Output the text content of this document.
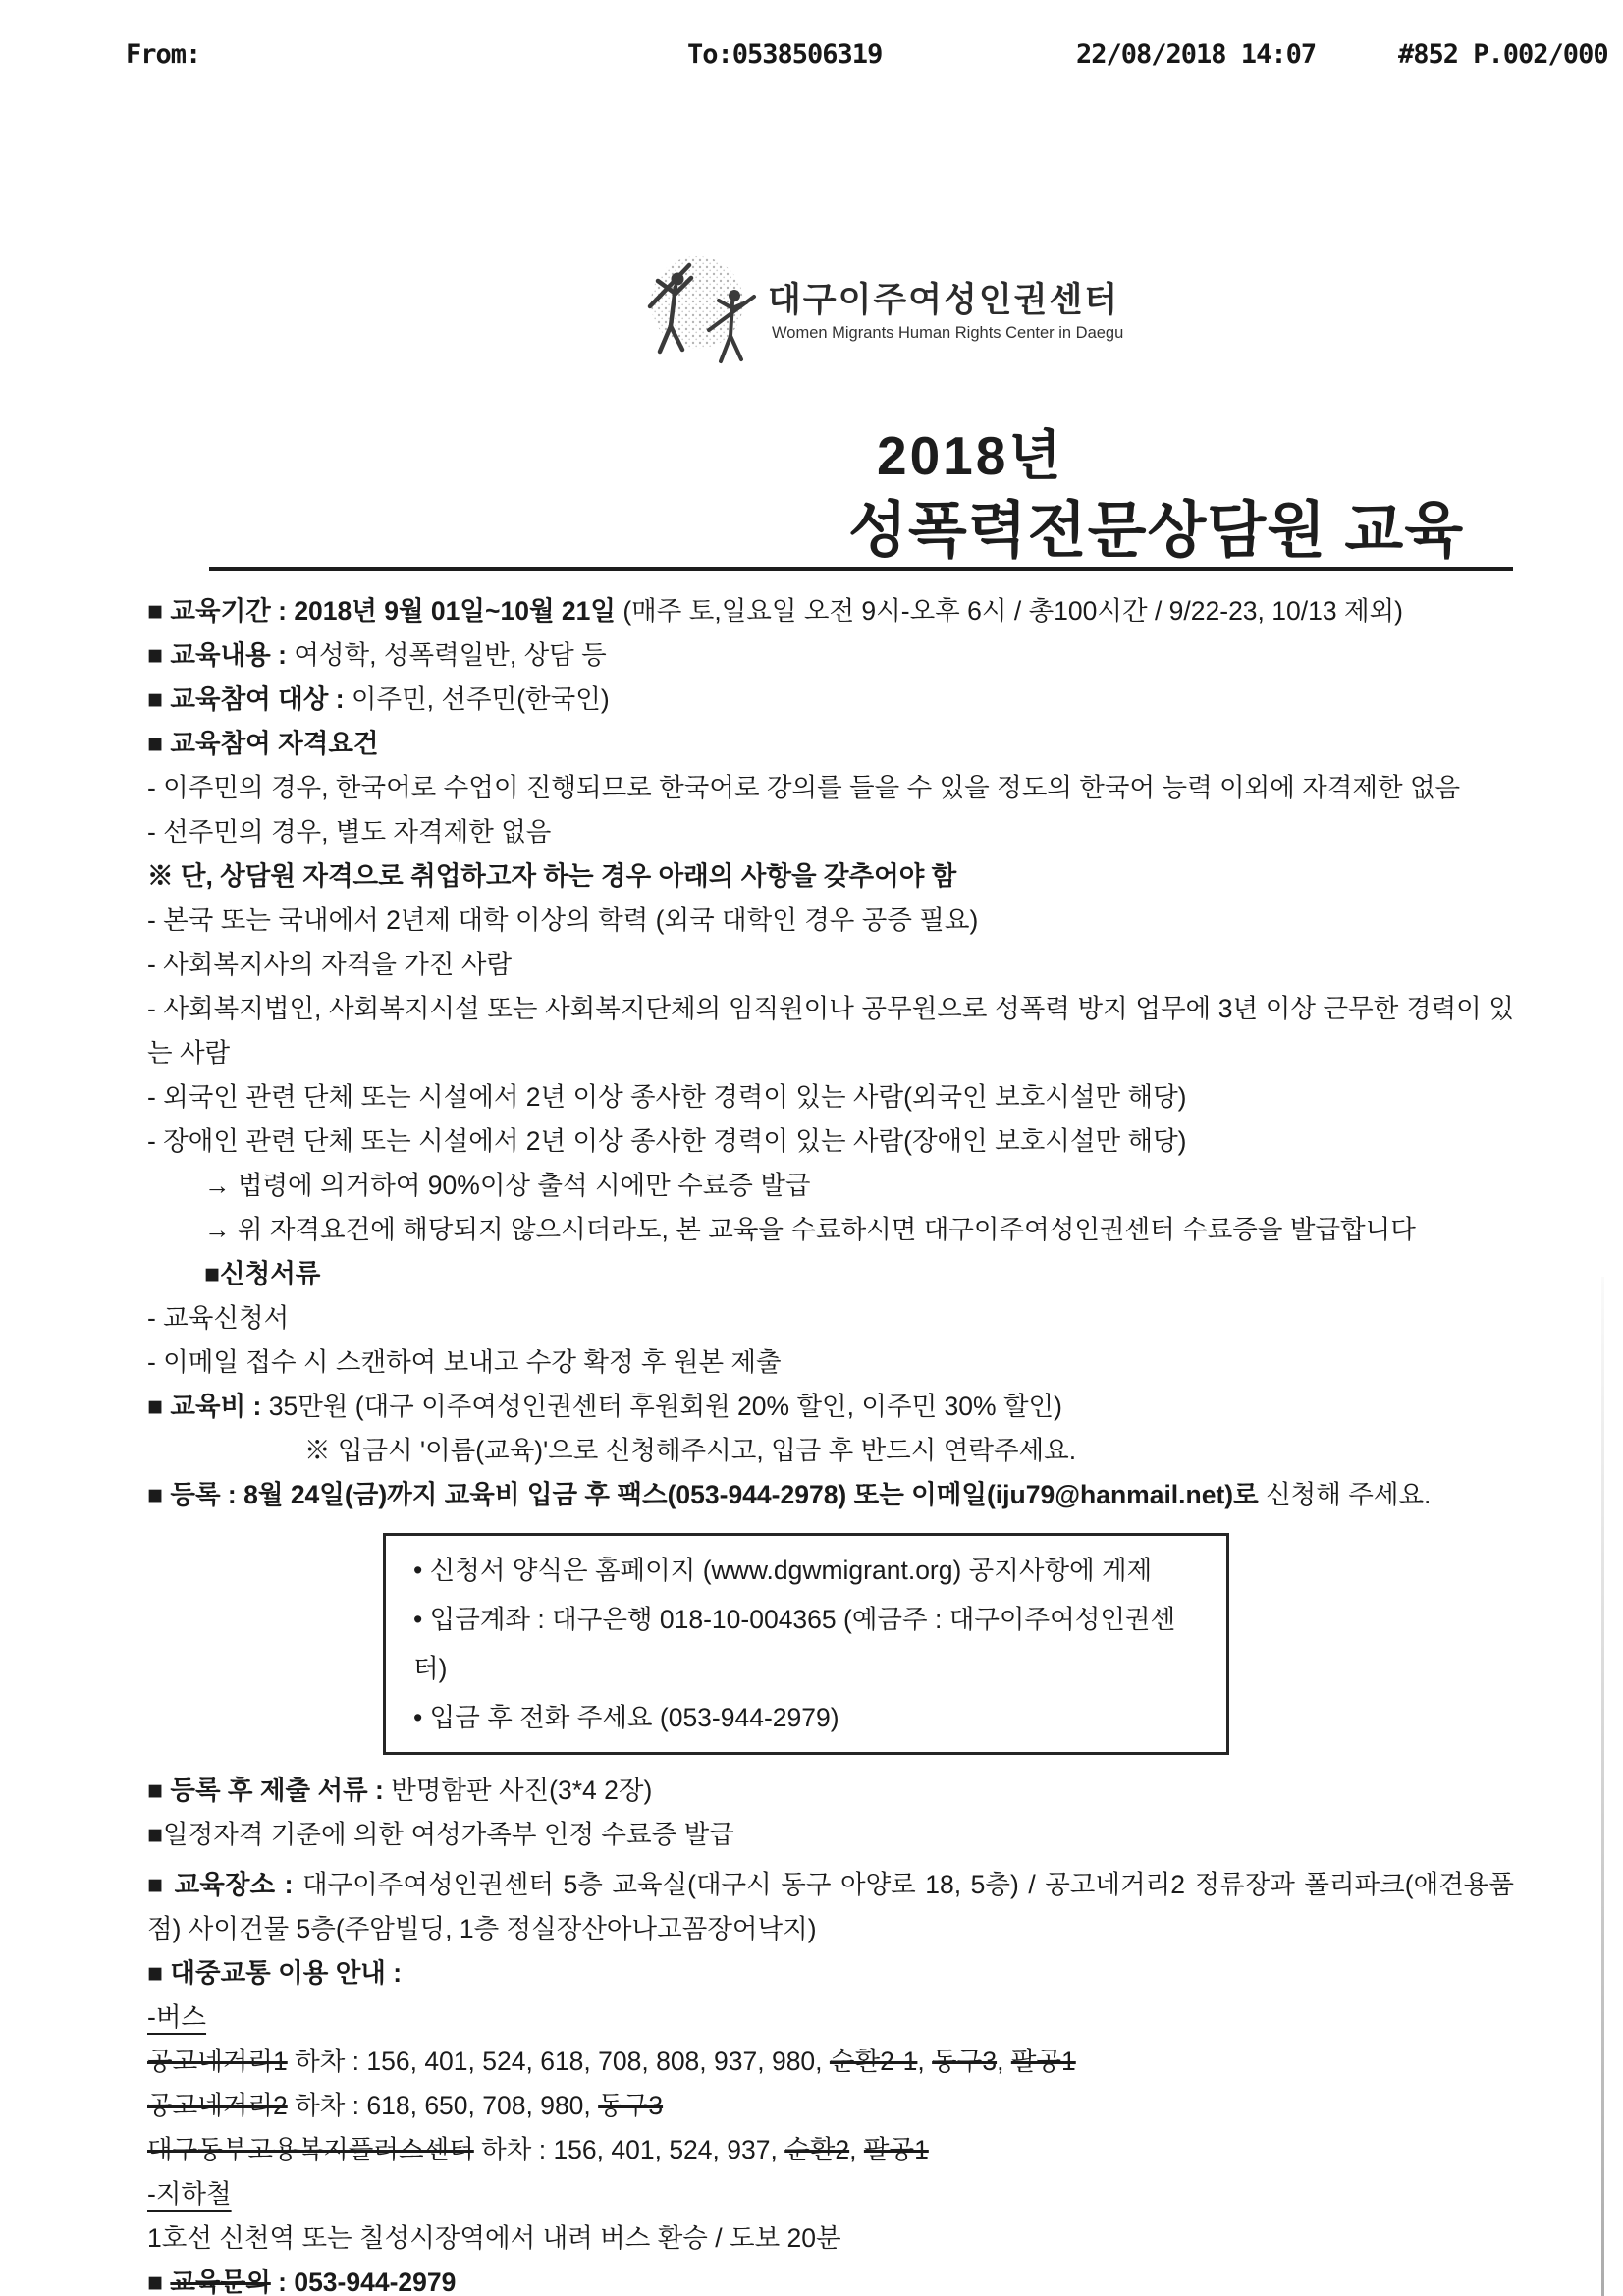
From:	To:0538506319	22/08/2018 14:07	#852 P.002/000
대구이주여성인권센터
Women Migrants Human Rights Center in Daegu
2018년
성폭력전문상담원 교육

■ 교육기간 : 2018년 9월 01일~10월 21일 (매주 토,일요일 오전 9시-오후 6시 / 총100시간 / 9/22-23, 10/13 제외)

■ 교육내용 : 여성학, 성폭력일반, 상담 등

■ 교육참여 대상 : 이주민, 선주민(한국인)

■ 교육참여 자격요건

- 이주민의 경우, 한국어로 수업이 진행되므로 한국어로 강의를 들을 수 있을 정도의 한국어 능력 이외에 자격제한 없음

- 선주민의 경우, 별도 자격제한 없음

※ 단, 상담원 자격으로 취업하고자 하는 경우 아래의 사항을 갖추어야 함

- 본국 또는 국내에서 2년제 대학 이상의 학력 (외국 대학인 경우 공증 필요)

- 사회복지사의 자격을 가진 사람

- 사회복지법인, 사회복지시설 또는 사회복지단체의 임직원이나 공무원으로 성폭력 방지 업무에 3년 이상 근무한 경력이 있는 사람

- 외국인 관련 단체 또는 시설에서 2년 이상 종사한 경력이 있는 사람(외국인 보호시설만 해당)

- 장애인 관련 단체 또는 시설에서 2년 이상 종사한 경력이 있는 사람(장애인 보호시설만 해당)

→ 법령에 의거하여 90%이상 출석 시에만 수료증 발급

→ 위 자격요건에 해당되지 않으시더라도, 본 교육을 수료하시면 대구이주여성인권센터 수료증을 발급합니다

■신청서류

- 교육신청서

- 이메일 접수 시 스캔하여 보내고 수강 확정 후 원본 제출

■ 교육비 : 35만원 (대구 이주여성인권센터 후원회원 20% 할인, 이주민 30% 할인)

※ 입금시 '이름(교육)'으로 신청해주시고, 입금 후 반드시 연락주세요.

■ 등록 : 8월 24일(금)까지 교육비 입금 후 팩스(053-944-2978) 또는 이메일(iju79@hanmail.net)로 신청해 주세요.

• 신청서 양식은 홈페이지 (www.dgwmigrant.org) 공지사항에 게제

• 입금계좌 : 대구은행 018-10-004365 (예금주 : 대구이주여성인권센터)

• 입금 후 전화 주세요 (053-944-2979)

■ 등록 후 제출 서류 : 반명함판 사진(3*4 2장)

■일정자격 기준에 의한 여성가족부 인정 수료증 발급

■ 교육장소 : 대구이주여성인권센터 5층 교육실(대구시 동구 아양로 18, 5층) / 공고네거리2 정류장과 폴리파크(애견용품점) 사이건물 5층(주암빌딩, 1층 정실장산아나고꼼장어낙지)

■ 대중교통 이용 안내 :

-버스

공고네거리1 하차 : 156, 401, 524, 618, 708, 808, 937, 980, 순환2-1, 동구3, 팔공1

공고네거리2 하차 : 618, 650, 708, 980, 동구3

대구동부고용복지플러스센터 하차 : 156, 401, 524, 937, 순환2, 팔공1

-지하철

1호선 신천역 또는 칠성시장역에서 내려 버스 환승 / 도보 20분

■ 교육문의 : 053-944-2979
